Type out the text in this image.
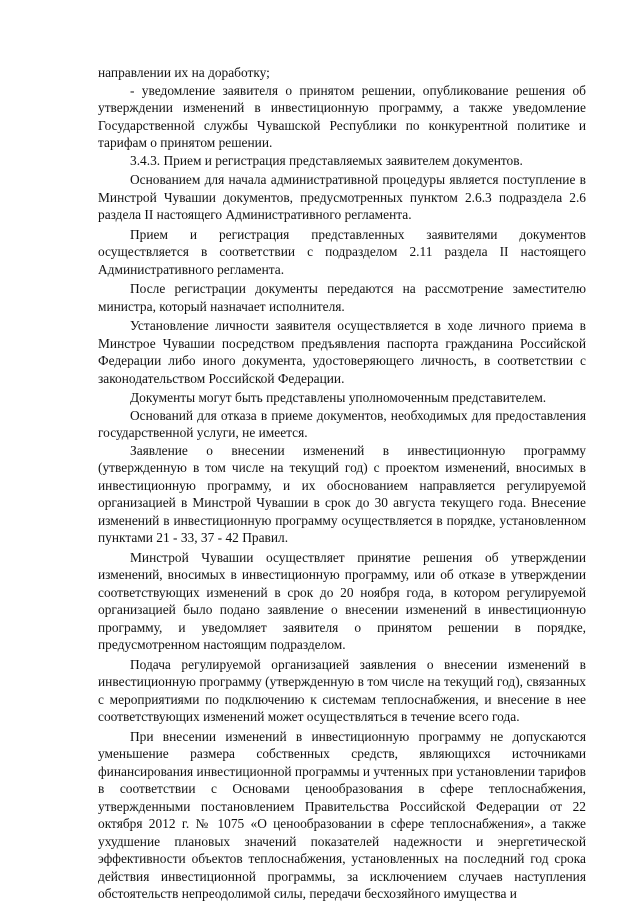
направлении их на доработку;

- уведомление заявителя о принятом решении, опубликование решения об утверждении изменений в инвестиционную программу, а также уведомление Государственной службы Чувашской Республики по конкурентной политике и тарифам о принятом решении.

3.4.3. Прием и регистрация представляемых заявителем документов.

Основанием для начала административной процедуры является поступление в Минстрой Чувашии документов, предусмотренных пунктом 2.6.3 подраздела 2.6 раздела II настоящего Административного регламента.

Прием и регистрация представленных заявителями документов осуществляется в соответствии с подразделом 2.11 раздела II настоящего Административного регламента.

После регистрации документы передаются на рассмотрение заместителю министра, который назначает исполнителя.

Установление личности заявителя осуществляется в ходе личного приема в Минстрое Чувашии посредством предъявления паспорта гражданина Российской Федерации либо иного документа, удостоверяющего личность, в соответствии с законодательством Российской Федерации.

Документы могут быть представлены уполномоченным представителем.

Оснований для отказа в приеме документов, необходимых для предоставления государственной услуги, не имеется.

Заявление о внесении изменений в инвестиционную программу (утвержденную в том числе на текущий год) с проектом изменений, вносимых в инвестиционную программу, и их обоснованием направляется регулируемой организацией в Минстрой Чувашии в срок до 30 августа текущего года. Внесение изменений в инвестиционную программу осуществляется в порядке, установленном пунктами 21 - 33, 37 - 42 Правил.

Минстрой Чувашии осуществляет принятие решения об утверждении изменений, вносимых в инвестиционную программу, или об отказе в утверждении соответствующих изменений в срок до 20 ноября года, в котором регулируемой организацией было подано заявление о внесении изменений в инвестиционную программу, и уведомляет заявителя о принятом решении в порядке, предусмотренном настоящим подразделом.

Подача регулируемой организацией заявления о внесении изменений в инвестиционную программу (утвержденную в том числе на текущий год), связанных с мероприятиями по подключению к системам теплоснабжения, и внесение в нее соответствующих изменений может осуществляться в течение всего года.

При внесении изменений в инвестиционную программу не допускаются уменьшение размера собственных средств, являющихся источниками финансирования инвестиционной программы и учтенных при установлении тарифов в соответствии с Основами ценообразования в сфере теплоснабжения, утвержденными постановлением Правительства Российской Федерации от 22 октября 2012 г. № 1075 «О ценообразовании в сфере теплоснабжения», а также ухудшение плановых значений показателей надежности и энергетической эффективности объектов теплоснабжения, установленных на последний год срока действия инвестиционной программы, за исключением случаев наступления обстоятельств непреодолимой силы, передачи бесхозяйного имущества и
